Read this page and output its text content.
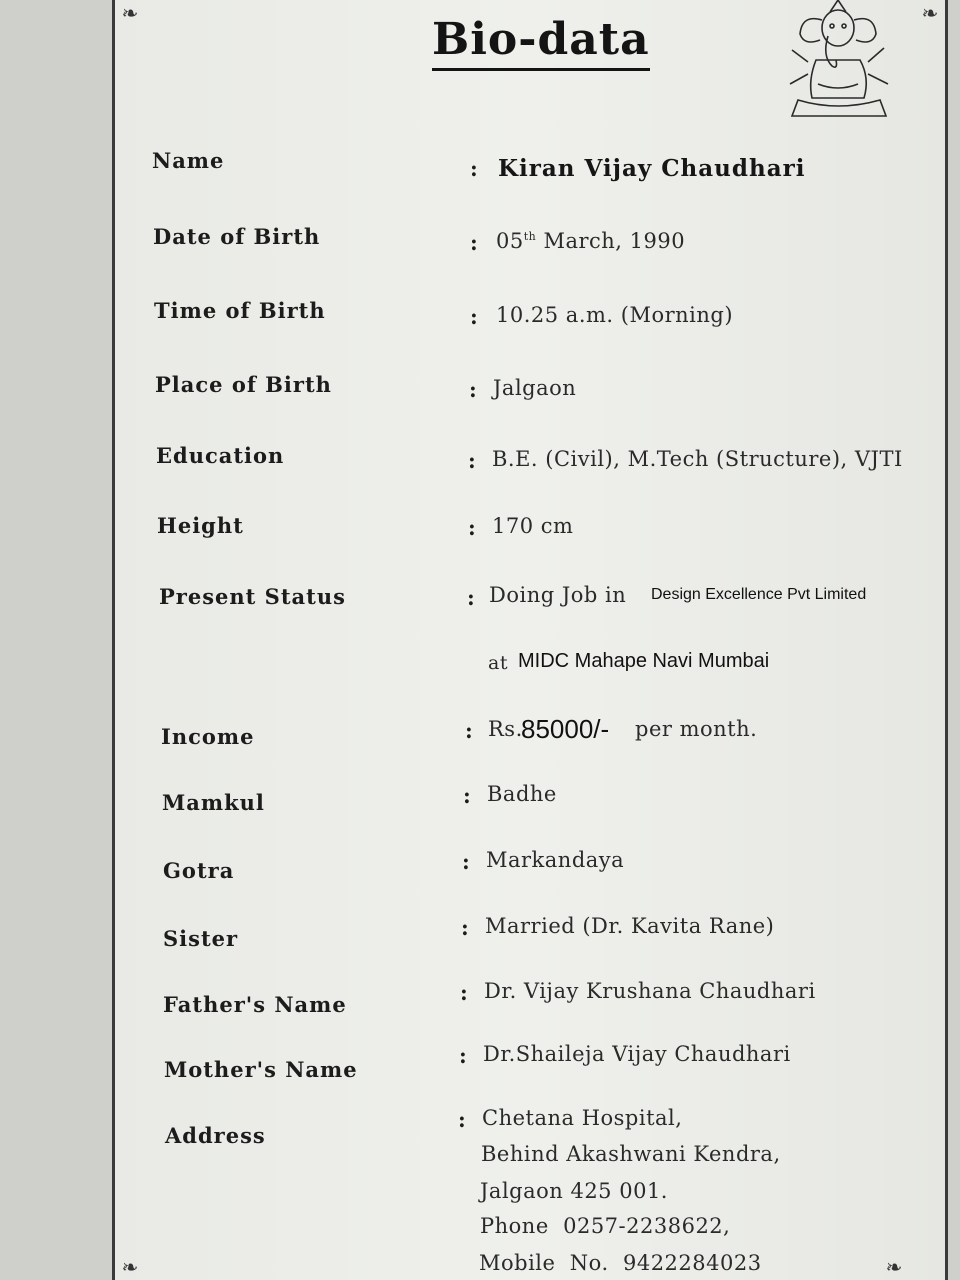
❧	❧
❧	❧
Bio-data
Name	: Kiran Vijay Chaudhari
Date of Birth	: 05th March, 1990
Time of Birth	: 10.25 a.m. (Morning)
Place of Birth	: Jalgaon
Education	: B.E. (Civil), M.Tech (Structure), VJTI
Height	: 170 cm
Present Status	: Doing Job in Design Excellence Pvt Limited
at MIDC Mahape Navi Mumbai
Income	: Rs.
85000/- per month.
Mamkul	: Badhe
Gotra	: Markandaya
Sister	: Married (Dr. Kavita Rane)
Father's Name	: Dr. Vijay Krushana Chaudhari
Mother's Name
: Dr.Shaileja Vijay Chaudhari
Address
: Chetana Hospital,
Behind Akashwani Kendra,
Jalgaon 425 001.
Phone  0257-2238622,
Mobile  No.  9422284023
